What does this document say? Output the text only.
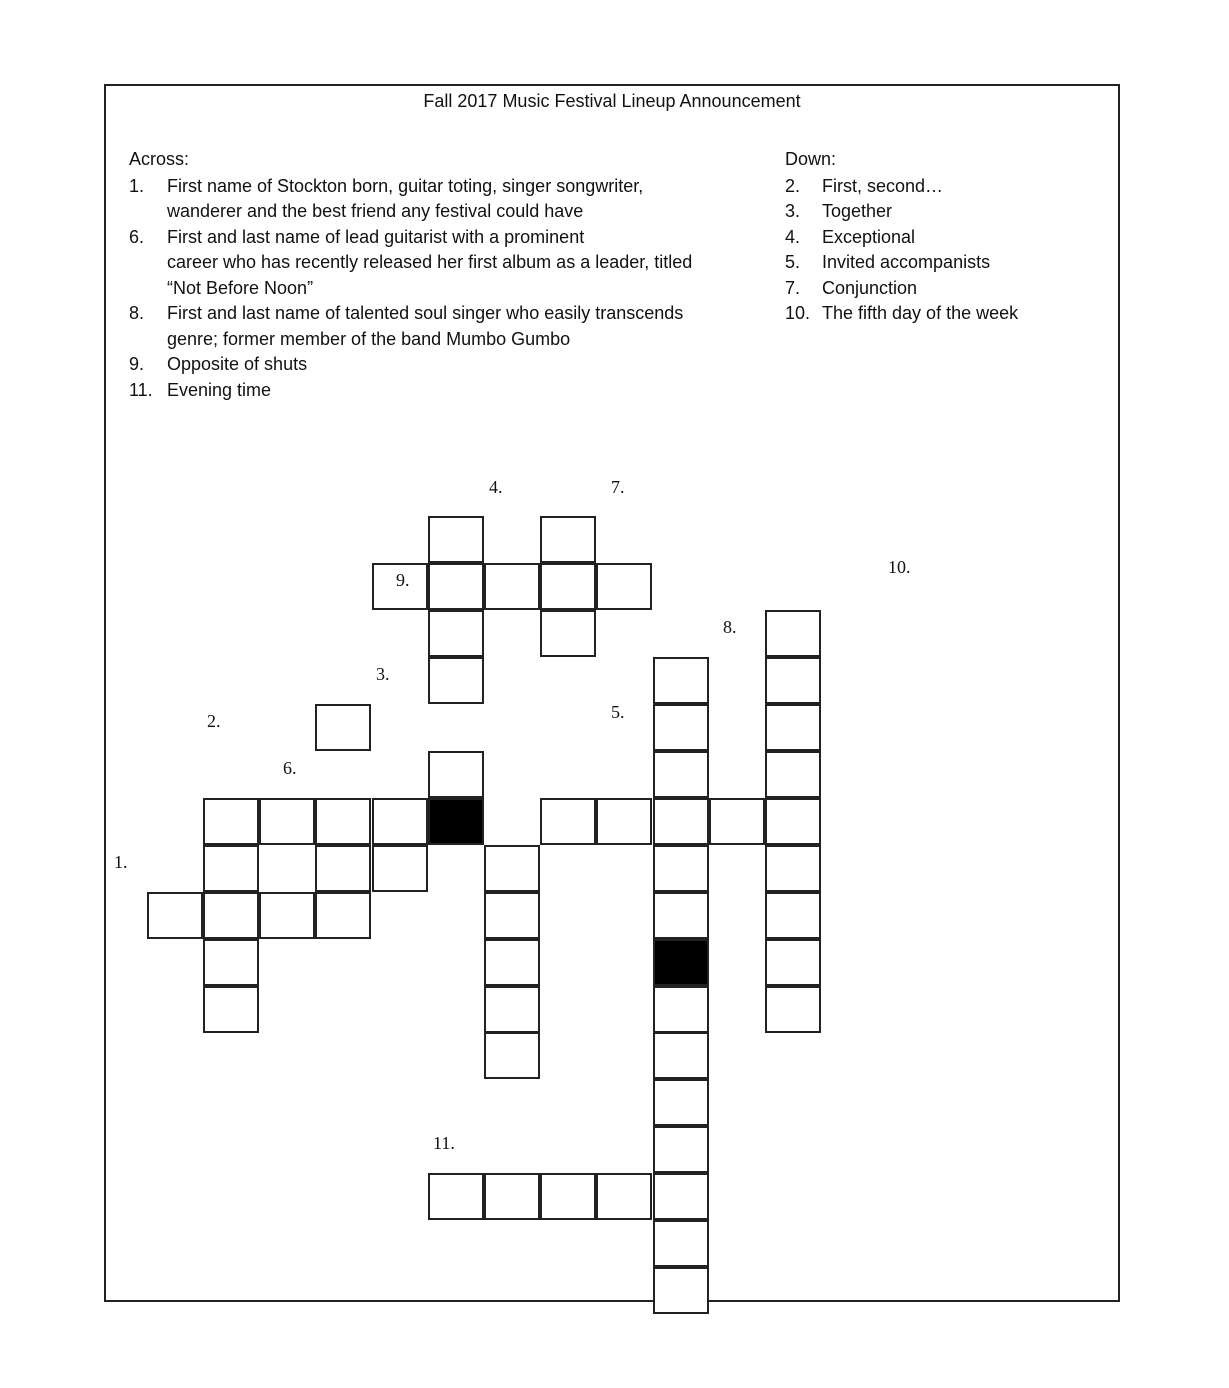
Fall 2017 Music Festival Lineup Announcement
Across:
1. First name of Stockton born, guitar toting, singer songwriter,
wanderer and the best friend any festival could have
6. First and last name of lead guitarist with a prominent
career who has recently released her first album as a leader, titled
“Not Before Noon”
8. First and last name of talented soul singer who easily transcends
genre; former member of the band Mumbo Gumbo
9. Opposite of shuts
11. Evening time
Down:
2. First, second…
3. Together
4. Exceptional
5. Invited accompanists
7. Conjunction
10. The fifth day of the week
1.
2.
3.
4.
5.
6.
7.
8.
9.
10.
11.
